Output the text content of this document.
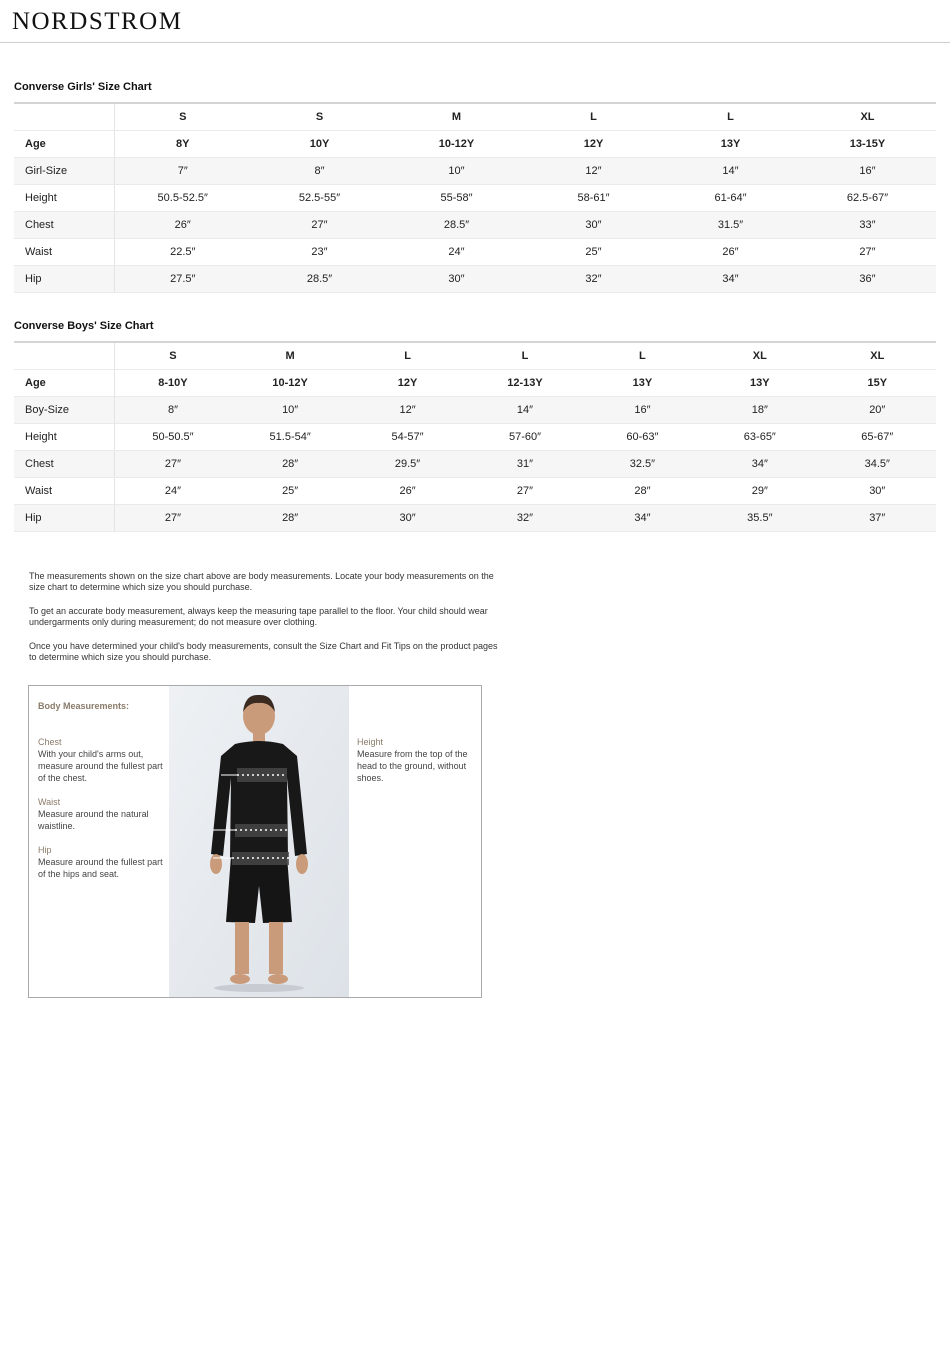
NORDSTROM
Converse Girls' Size Chart
	S	S	M	L	L	XL
Age	8Y	10Y	10-12Y	12Y	13Y	13-15Y
Girl-Size	7″	8″	10″	12″	14″	16″
Height	50.5-52.5″	52.5-55″	55-58″	58-61″	61-64″	62.5-67″
Chest	26″	27″	28.5″	30″	31.5″	33″
Waist	22.5″	23″	24″	25″	26″	27″
Hip	27.5″	28.5″	30″	32″	34″	36″
Converse Boys' Size Chart
	S	M	L	L	L	XL	XL
Age	8-10Y	10-12Y	12Y	12-13Y	13Y	13Y	15Y
Boy-Size	8″	10″	12″	14″	16″	18″	20″
Height	50-50.5″	51.5-54″	54-57″	57-60″	60-63″	63-65″	65-67″
Chest	27″	28″	29.5″	31″	32.5″	34″	34.5″
Waist	24″	25″	26″	27″	28″	29″	30″
Hip	27″	28″	30″	32″	34″	35.5″	37″

The measurements shown on the size chart above are body measurements. Locate your body measurements on the size chart to determine which size you should purchase.

To get an accurate body measurement, always keep the measuring tape parallel to the floor. Your child should wear undergarments only during measurement; do not measure over clothing.

Once you have determined your child's body measurements, consult the Size Chart and Fit Tips on the product pages to determine which size you should purchase.

Body Measurements:
Chest
With your child's arms out, measure around the fullest part of the chest.
Waist
Measure around the natural waistline.
Hip
Measure around the fullest part of the hips and seat.
Height
Measure from the top of the head to the ground, without shoes.
